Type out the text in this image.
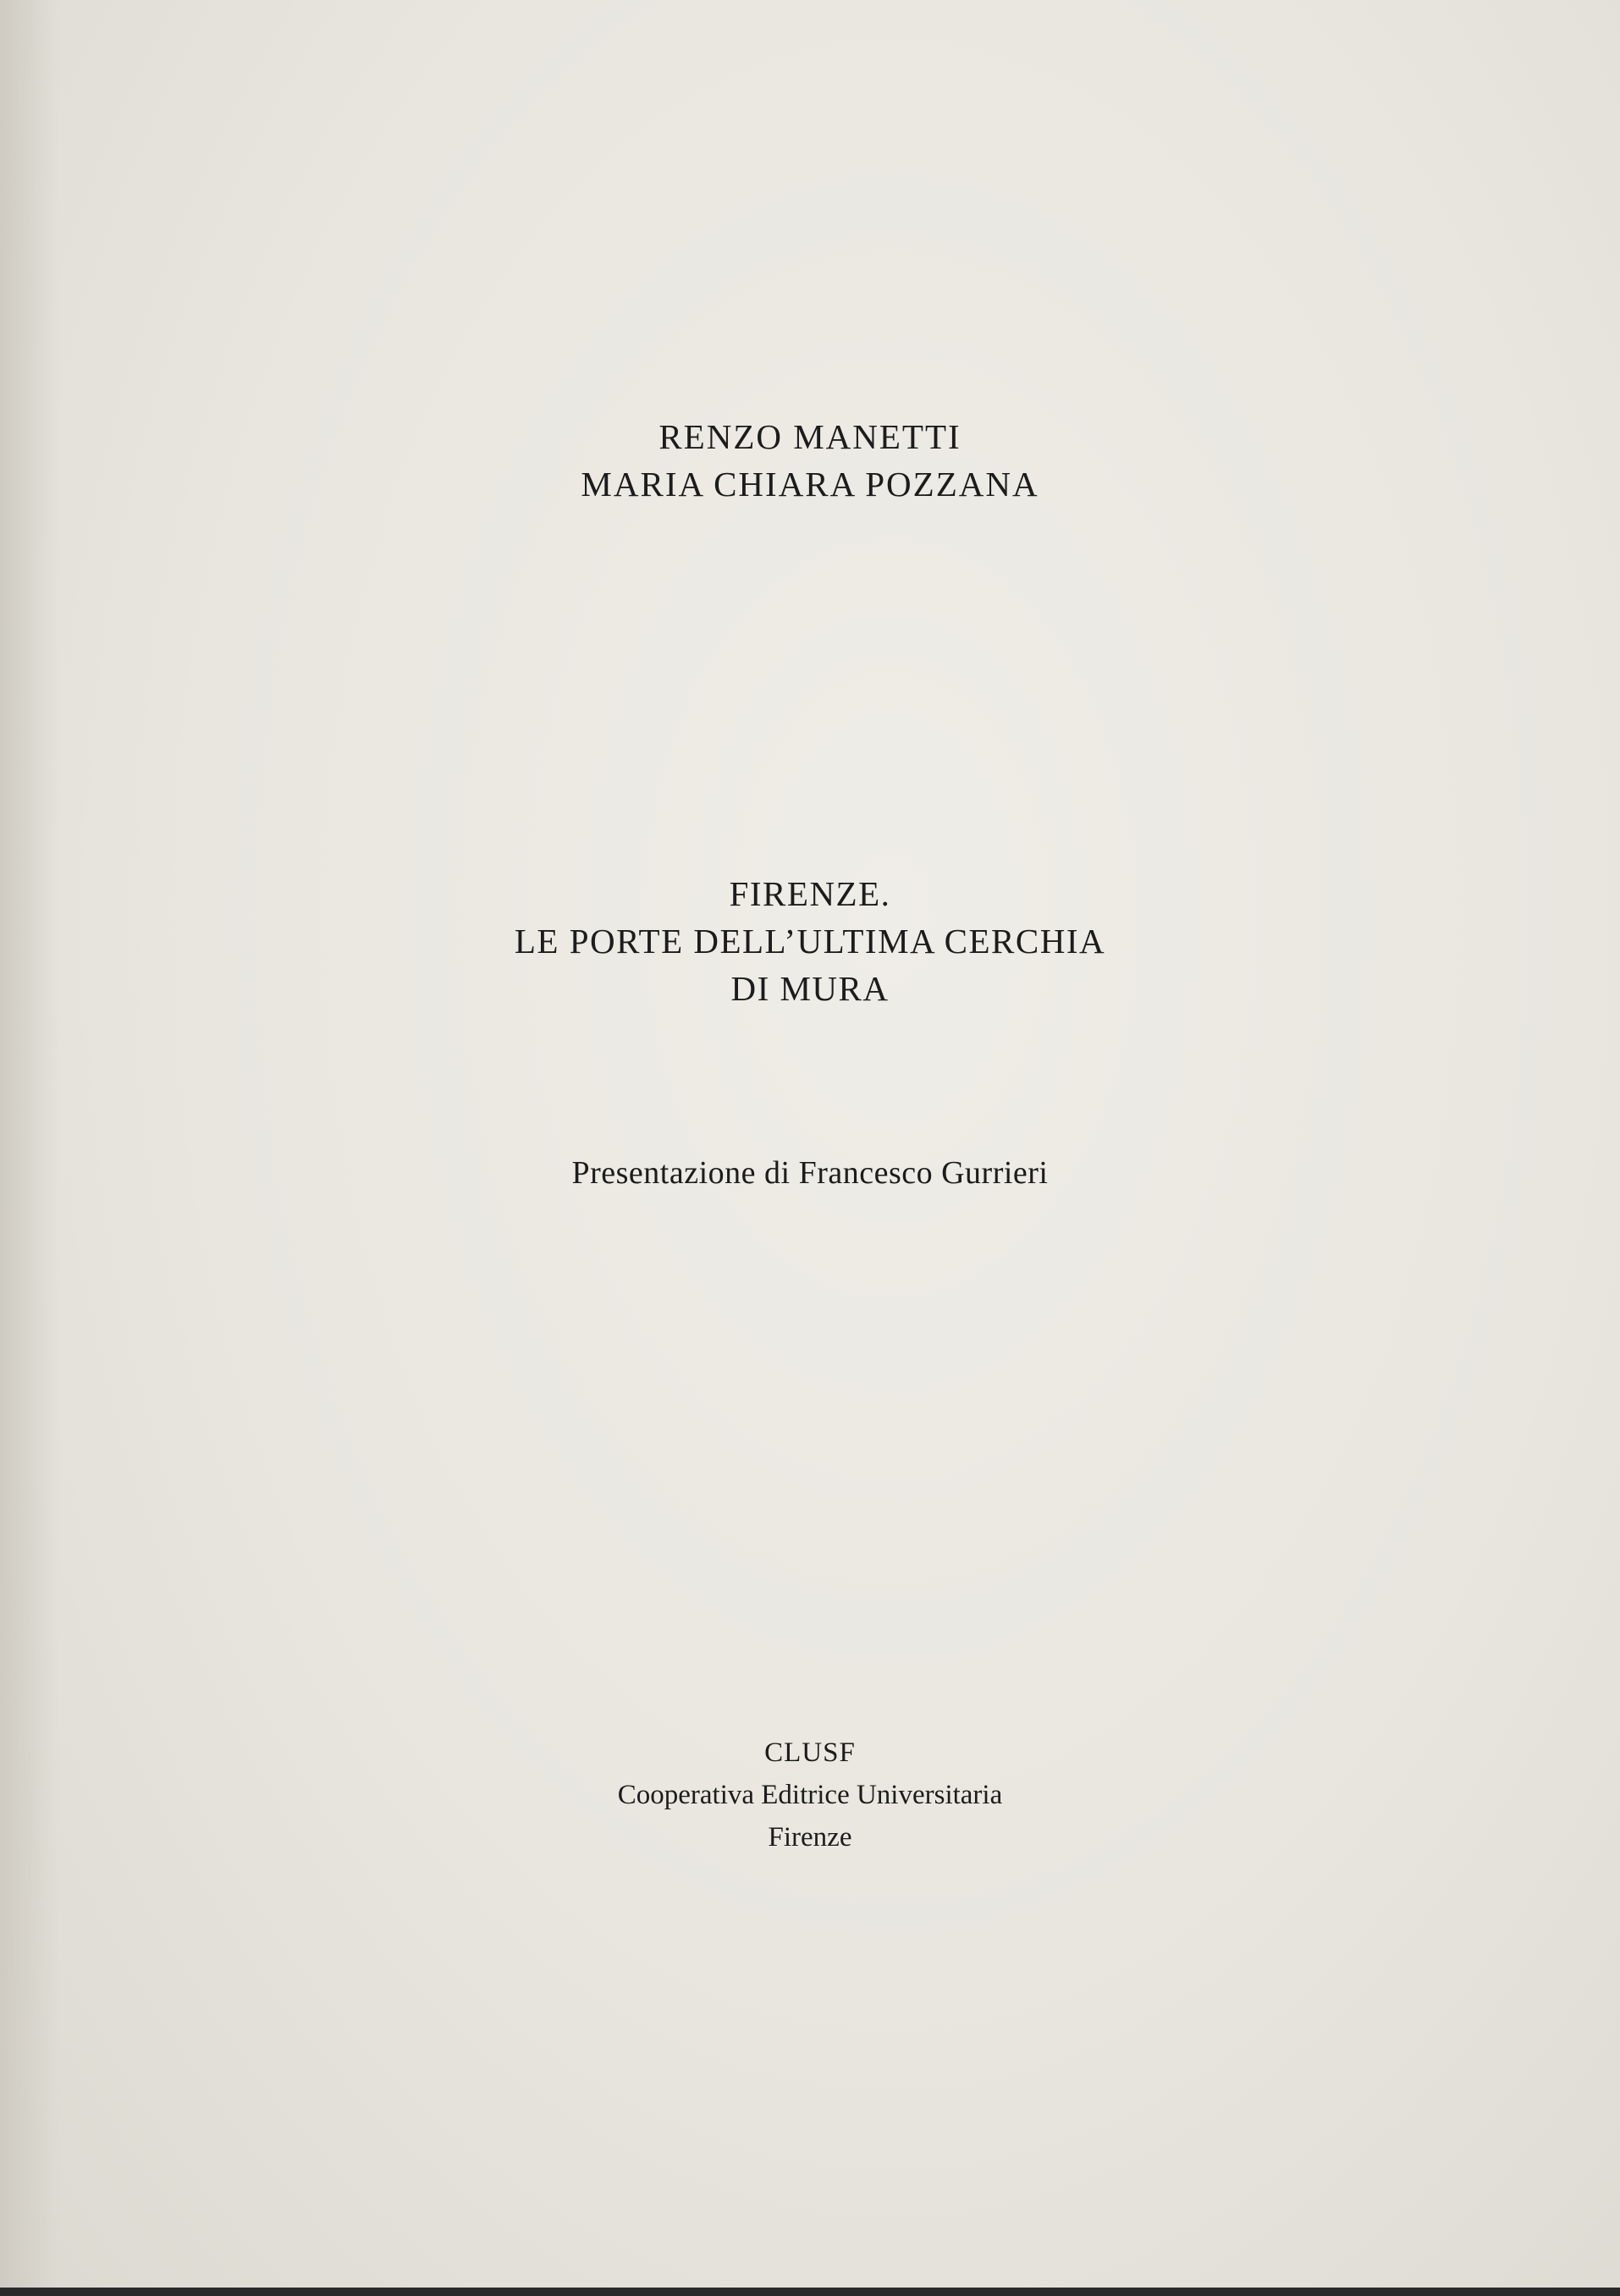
RENZO MANETTI
MARIA CHIARA POZZANA
FIRENZE.
LE PORTE DELL’ULTIMA CERCHIA
DI MURA
Presentazione di Francesco Gurrieri
CLUSF
Cooperativa Editrice Universitaria
Firenze
